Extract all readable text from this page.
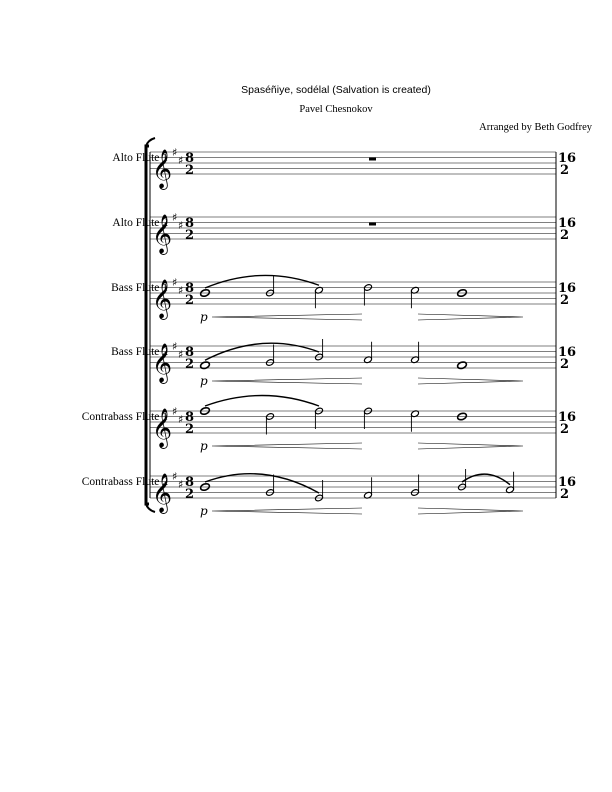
Spaséñiye, sodélal (Salvation is created)
Pavel Chesnokov
Arranged by Beth Godfrey
Alto Flute 1
Alto Flute 2
Bass Flute 1
Bass Flute 2
Contrabass Flute 1
Contrabass Flute 2
𝄞 ♯
♯ 8
2
16
2
𝄞 ♯
♯ 8
2
16
2
𝄞 ♯
♯ 8
2
16
2
p
𝄞 ♯
♯ 8
2
16
2
p
𝄞 ♯
♯ 8
2
16
2
p
𝄞 ♯
♯ 8
2
16
2
p
